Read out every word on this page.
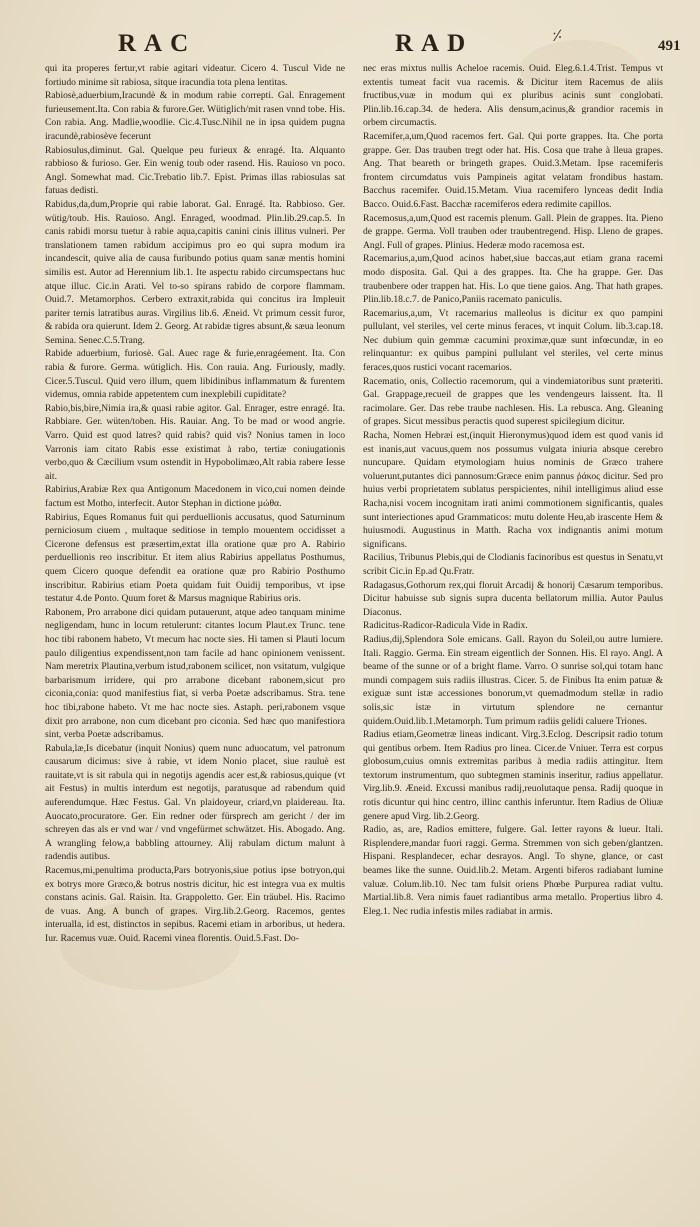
⸓
RAC	RAD	491

qui ita properes fertur,vt rabie agitari videatur. Cicero 4. Tuscul Vide ne fortiudo minime sit rabiosa, sitque iracundia tota plena lentitas.

Rabiosè,aduerbium,Iracundè & in modum rabie correpti. Gal. Enragement furieusement.Ita. Con rabia & furore.Ger. Wütiglich/mit rasen vnnd tobe. His. Con rabia. Ang. Madlie,woodlie. Cic.4.Tusc.Nihil ne in ipsa quidem pugna iracundè,rabiosève fecerunt

Rabiosulus,diminut. Gal. Quelque peu furieux & enragé. Ita. Alquanto rabbioso & furioso. Ger. Ein wenig toub oder rasend. His. Rauioso vn poco. Angl. Somewhat mad. Cic.Trebatio lib.7. Epist. Primas illas rabiosulas sat fatuas dedisti.

Rabidus,da,dum,Proprie qui rabie laborat. Gal. Enragé. Ita. Rabbioso. Ger. wütig/toub. His. Rauioso. Angl. Enraged, woodmad. Plin.lib.29.cap.5. In canis rabidi morsu tuetur à rabie aqua,capitis canini cinis illitus vulneri. Per translationem tamen rabidum accipimus pro eo qui supra modum ira incandescit, quive alia de causa furibundo potius quam sanæ mentis homini similis est. Autor ad Herennium lib.1. Ite aspectu rabido circumspectans huc atque illuc. Cic.in Arati. Vel to-so spirans rabido de corpore flammam. Ouid.7. Metamorphos. Cerbero extraxit,rabida qui concitus ira Impleuit pariter ternis latratibus auras. Virgilius lib.6. Æneid. Vt primum cessit furor, & rabida ora quierunt. Idem 2. Georg. At rabidæ tigres absunt,& sæua leonum Semina. Senec.C.5.Trang.

Rabide aduerbium, furiosè. Gal. Auec rage & furie,enragéement. Ita. Con rabia & furore. Germa. wütiglich. His. Con rauia. Ang. Furiously, madly. Cicer.5.Tuscul. Quid vero illum, quem libidinibus inflammatum & furentem videmus, omnia rabide appetentem cum inexplebili cupiditate?

Rabio,bis,bire,Nimia ira,& quasi rabie agitor. Gal. Enrager, estre enragé. Ita. Rabbiare. Ger. wüten/toben. His. Rauiar. Ang. To be mad or wood angrie. Varro. Quid est quod latres? quid rabis? quid vis? Nonius tamen in loco Varronis iam citato Rabis esse existimat à rabo, tertiæ coniugationis verbo,quo & Cæcilium vsum ostendit in Hypobolimæo,Alt rabia rabere Iesse ait.

Rabirius,Arabiæ Rex qua Antigonum Macedonem in vico,cui nomen deinde factum est Motho, interfecit. Autor Stephan in dictione µώθα.

Rabirius, Eques Romanus fuit qui perduellionis accusatus, quod Saturninum perniciosum ciuem , multaque seditiose in templo mouentem occidisset a Cicerone defensus est præsertim,extat illa oratione quæ pro A. Rabirio perduellionis reo inscribitur. Et item alius Rabirius appellatus Posthumus, quem Cicero quoque defendit ea oratione quæ pro Rabirio Posthumo inscribitur. Rabirius etiam Poeta quidam fuit Ouidij temporibus, vt ipse testatur 4.de Ponto. Quum foret & Marsus magnique Rabirius oris.

Rabonem, Pro arrabone dici quidam putauerunt, atque adeo tanquam minime negligendam, hunc in locum retulerunt: citantes locum Plaut.ex Trunc. tene hoc tibi rabonem habeto, Vt mecum hac nocte sies. Hi tamen si Plauti locum paulo diligentius expendissent,non tam facile ad hanc opinionem venissent. Nam meretrix Plautina,verbum istud,rabonem scilicet, non vsitatum, vulgique barbarismum irridere, qui pro arrabone dicebant rabonem,sicut pro ciconia,conia: quod manifestius fiat, si verba Poetæ adscribamus. Stra. tene hoc tibi,rabone habeto. Vt me hac nocte sies. Astaph. peri,rabonem vsque dixit pro arrabone, non cum dicebant pro ciconia. Sed hæc quo manifestiora sint, verba Poetæ adscribamus.

Rabula,læ,Is dicebatur (inquit Nonius) quem nunc aduocatum, vel patronum causarum dicimus: sive à rabie, vt idem Nonio placet, siue rauluè est rauitate,vt is sit rabula qui in negotijs agendis acer est,& rabiosus,quique (vt ait Festus) in multis interdum est negotijs, paratusque ad rabendum quid auferendumque. Hæc Festus. Gal. Vn plaidoyeur, criard,vn plaidereau. Ita. Auocato,procuratore. Ger. Ein redner oder fürsprech am gericht / der im schreyen das als er vnd war / vnd vngefürmet schwätzet. His. Abogado. Ang. A wrangling felow,a babbling attourney. Alij rabulam dictum malunt à radendis autibus.

Racemus,mi,penultima producta,Pars botryonis,siue potius ipse botryon,qui ex botrys more Græco,& botrus nostris dicitur, hic est integra vua ex multis constans acinis. Gal. Raisin. Ita. Grappoletto. Ger. Ein träubel. His. Racimo de vuas. Ang. A bunch of grapes. Virg.lib.2.Georg. Racemos, gentes interualla, id est, distinctos in sepibus. Racemi etiam in arboribus, ut hedera. Iur. Racemus vuæ. Ouid. Racemi vinea florentis. Ouid.5.Fast. Do-

nec eras mixtus nullis Acheloe racemis. Ouid. Eleg.6.1.4.Trist. Tempus vt extentis tumeat facit vua racemis. & Dicitur item Racemus de aliis fructibus,vuæ in modum qui ex pluribus acinis sunt conglobati. Plin.lib.16.cap.34. de hedera. Alis densum,acinus,& grandior racemis in orbem circumactis.

Racemifer,a,um,Quod racemos fert. Gal. Qui porte grappes. Ita. Che porta grappe. Ger. Das trauben tregt oder hat. His. Cosa que trahe à lleua grapes. Ang. That beareth or bringeth grapes. Ouid.3.Metam. Ipse racemiferis frontem circumdatus vuis Pampineis agitat velatam frondibus hastam. Bacchus racemifer. Ouid.15.Metam. Viua racemifero lynceas dedit India Bacco. Ouid.6.Fast. Bacchæ racemiferos edera redimite capillos.

Racemosus,a,um,Quod est racemis plenum. Gall. Plein de grappes. Ita. Pieno de grappe. Germa. Voll trauben oder traubentregend. Hisp. Lleno de grapes. Angl. Full of grapes. Plinius. Hederæ modo racemosa est.

Racemarius,a,um,Quod acinos habet,siue baccas,aut etiam grana racemi modo disposita. Gal. Qui a des grappes. Ita. Che ha grappe. Ger. Das traubenbere oder trappen hat. His. Lo que tiene gaios. Ang. That hath grapes. Plin.lib.18.c.7. de Panico,Paniis racemato paniculis.

Racemarius,a,um, Vt racemarius malleolus is dicitur ex quo pampini pullulant, vel steriles, vel certe minus feraces, vt inquit Colum. lib.3.cap.18. Nec dubium quin gemmæ cacumini proximæ,quæ sunt infœcundæ, in eo relinquantur: ex quibus pampini pullulant vel steriles, vel certe minus feraces,quos rustici vocant racemarios.

Racematio, onis, Collectio racemorum, qui a vindemiatoribus sunt præteriti. Gal. Grappage,recueil de grappes que les vendengeurs laissent. Ita. Il racimolare. Ger. Das rebe traube nachlesen. His. La rebusca. Ang. Gleaning of grapes. Sicut messibus peractis quod superest spicilegium dicitur.

Racha, Nomen Hebræi est,(inquit Hieronymus)quod idem est quod vanis id est inanis,aut vacuus,quem nos possumus vulgata iniuria absque cerebro nuncupare. Quidam etymologiam huius nominis de Græco trahere voluerunt,putantes dici pannosum:Græce enim pannus ῥάκος dicitur. Sed pro huius verbi proprietatem sublatus perspicientes, nihil intelligimus aliud esse Racha,nisi vocem incognitam irati animi commotionem significantis, quales sunt interiectiones apud Grammaticos: mutu dolente Heu,ab irascente Hem & huiusmodi. Augustinus in Matth. Racha vox indignantis animi motum significans.

Racilius, Tribunus Plebis,qui de Clodianis facinoribus est questus in Senatu,vt scribit Cic.in Ep.ad Qu.Fratr.

Radagasus,Gothorum rex,qui floruit Arcadij & honorij Cæsarum temporibus. Dicitur habuisse sub signis supra ducenta bellatorum millia. Autor Paulus Diaconus.

Radicitus-Radicor-Radicula Vide in Radix.

Radius,dij,Splendora Sole emicans. Gall. Rayon du Soleil,ou autre lumiere. Itali. Raggio. Germa. Ein stream eigentlich der Sonnen. His. El rayo. Angl. A beame of the sunne or of a bright flame. Varro. O sunrise sol,qui totam hanc mundi compagem suis radiis illustras. Cicer. 5. de Finibus Ita enim patuæ & exiguæ sunt istæ accessiones bonorum,vt quemadmodum stellæ in radio solis,sic istæ in virtutum splendore ne cernantur quidem.Ouid.lib.1.Metamorph. Tum primum radiis gelidi caluere Triones.

Radius etiam,Geometræ lineas indicant. Virg.3.Eclog. Descripsit radio totum qui gentibus orbem. Item Radius pro linea. Cicer.de Vniuer. Terra est corpus globosum,cuius omnis extremitas paribus à media radiis attingitur. Item textorum instrumentum, quo subtegmen staminis inseritur, radius appellatur. Virg.lib.9. Æneid. Excussi manibus radij,reuolutaque pensa. Radij quoque in rotis dicuntur qui hinc centro, illinc canthis inferuntur. Item Radius de Oliuæ genere apud Virg. lib.2.Georg.

Radio, as, are, Radios emittere, fulgere. Gal. Ietter rayons & lueur. Itali. Risplendere,mandar fuori raggi. Germa. Stremmen von sich geben/glantzen. Hispani. Resplandecer, echar desrayos. Angl. To shyne, glance, or cast beames like the sunne. Ouid.lib.2. Metam. Argenti biferos radiabant lumine valuæ. Colum.lib.10. Nec tam fulsit oriens Phœbe Purpurea radiat vultu. Martial.lib.8. Vera nimis fauet radiantibus arma metallo. Propertius libro 4. Eleg.1. Nec rudia infestis miles radiabat in armis.
